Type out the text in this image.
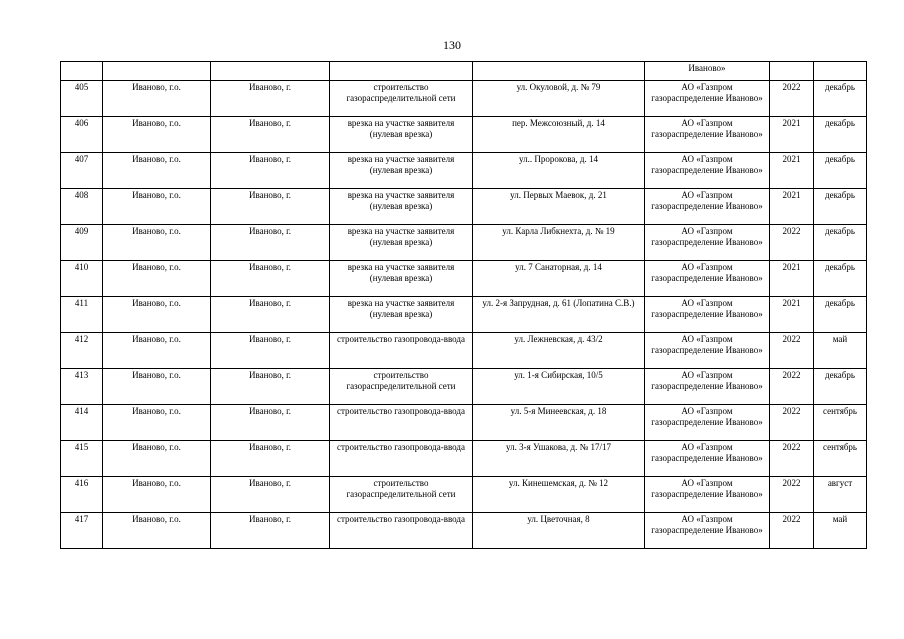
130
					Иваново»		
405	Иваново, г.о.	Иваново, г.	строительство газораспределительной сети	ул. Окуловой, д. № 79	АО «Газпром газораспределение Иваново»	2022	декабрь
406	Иваново, г.о.	Иваново, г.	врезка на участке заявителя (нулевая врезка)	пер. Межсоюзный, д. 14	АО «Газпром газораспределение Иваново»	2021	декабрь
407	Иваново, г.о.	Иваново, г.	врезка на участке заявителя (нулевая врезка)	ул.. Пророкова, д. 14	АО «Газпром газораспределение Иваново»	2021	декабрь
408	Иваново, г.о.	Иваново, г.	врезка на участке заявителя (нулевая врезка)	ул. Первых Маевок, д. 21	АО «Газпром газораспределение Иваново»	2021	декабрь
409	Иваново, г.о.	Иваново, г.	врезка на участке заявителя (нулевая врезка)	ул. Карла Либкнехта, д. № 19	АО «Газпром газораспределение Иваново»	2022	декабрь
410	Иваново, г.о.	Иваново, г.	врезка на участке заявителя (нулевая врезка)	ул. 7 Санаторная, д. 14	АО «Газпром газораспределение Иваново»	2021	декабрь
411	Иваново, г.о.	Иваново, г.	врезка на участке заявителя (нулевая врезка)	ул. 2-я Запрудная, д. 61 (Лопатина С.В.)	АО «Газпром газораспределение Иваново»	2021	декабрь
412	Иваново, г.о.	Иваново, г.	строительство газопровода-ввода	ул. Лежневская, д. 43/2	АО «Газпром газораспределение Иваново»	2022	май
413	Иваново, г.о.	Иваново, г.	строительство газораспределительной сети	ул. 1-я Сибирская, 10/5	АО «Газпром газораспределение Иваново»	2022	декабрь
414	Иваново, г.о.	Иваново, г.	строительство газопровода-ввода	ул. 5-я Минеевская, д. 18	АО «Газпром газораспределение Иваново»	2022	сентябрь
415	Иваново, г.о.	Иваново, г.	строительство газопровода-ввода	ул. 3-я Ушакова, д. № 17/17	АО «Газпром газораспределение Иваново»	2022	сентябрь
416	Иваново, г.о.	Иваново, г.	строительство газораспределительной сети	ул. Кинешемская, д. № 12	АО «Газпром газораспределение Иваново»	2022	август
417	Иваново, г.о.	Иваново, г.	строительство газопровода-ввода	ул. Цветочная, 8	АО «Газпром газораспределение Иваново»	2022	май
